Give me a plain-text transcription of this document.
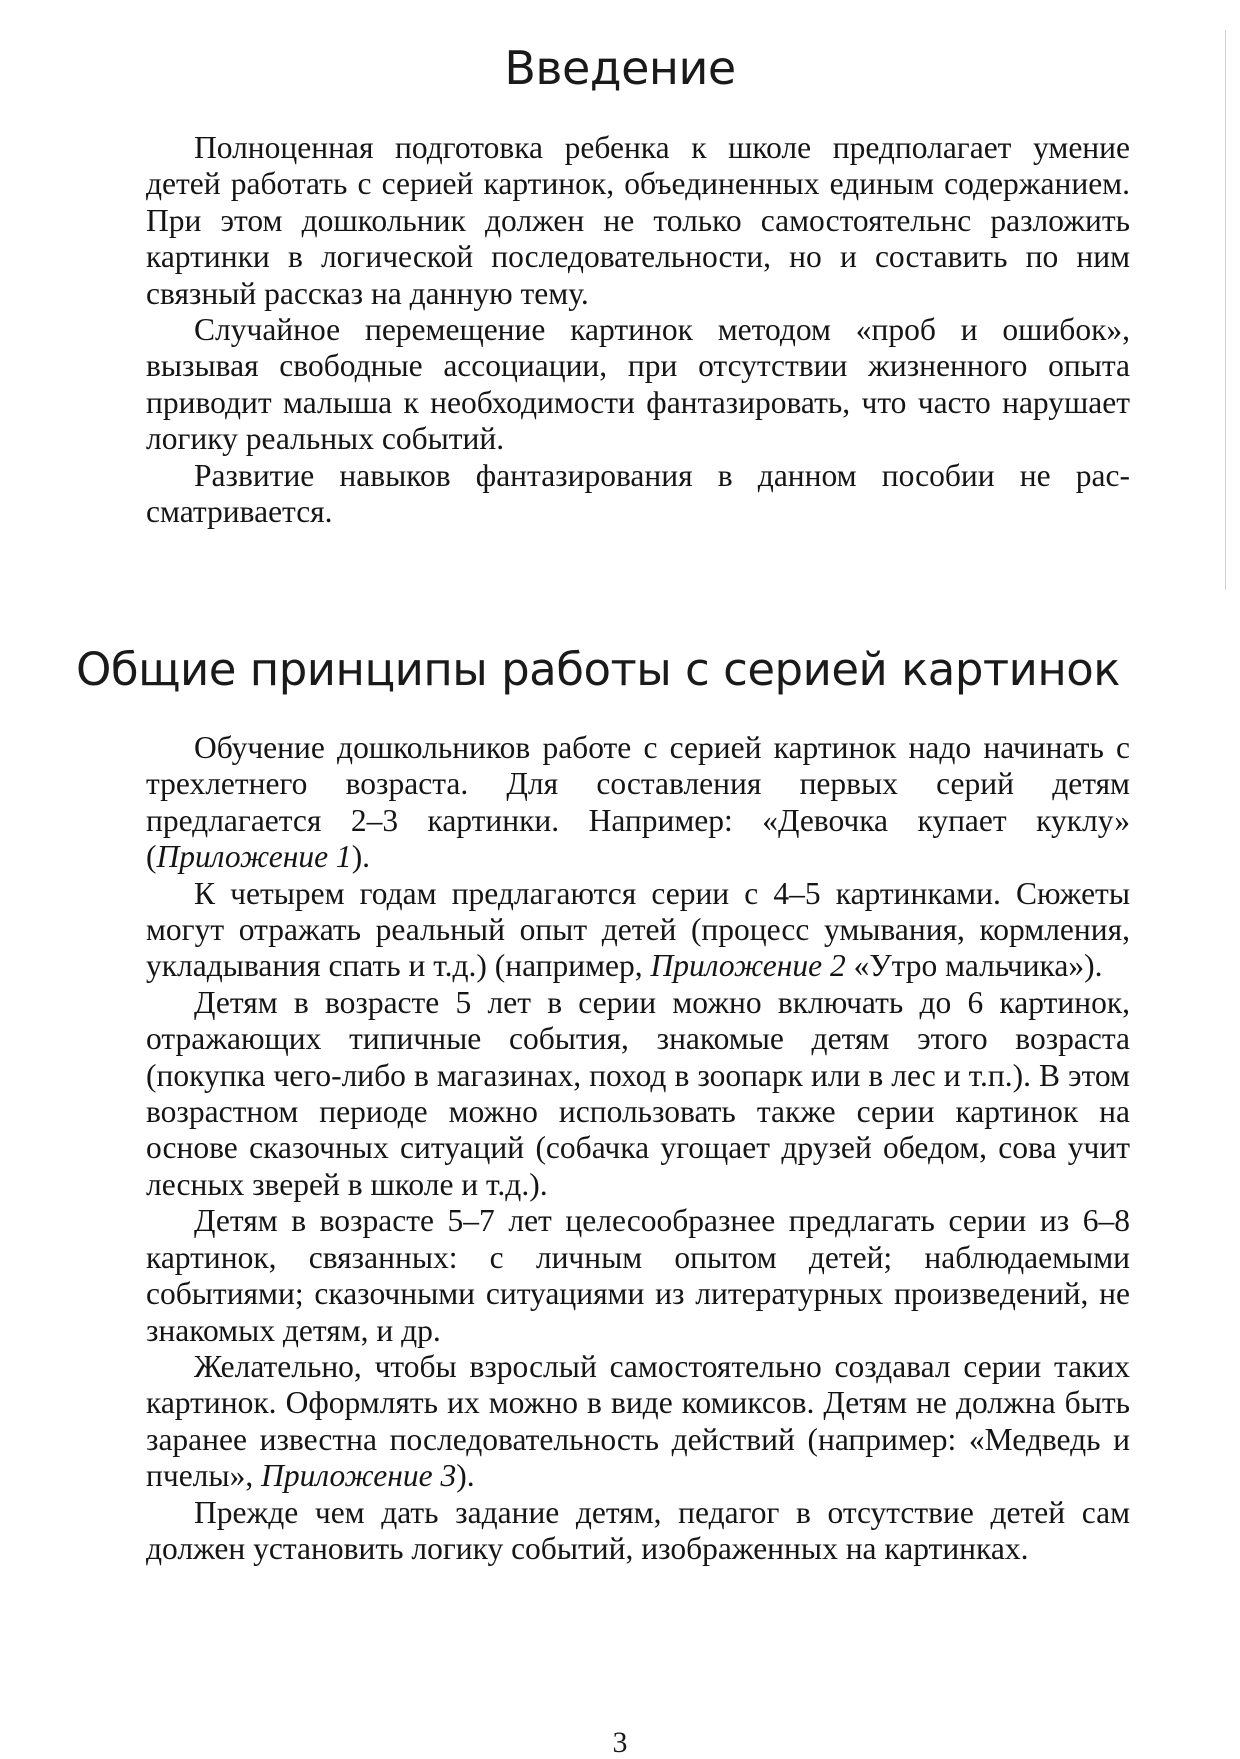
Введение

Полноценная подготовка ребенка к школе предполагает умение детей работать с серией картинок, объединенных единым содержанием. При этом дошкольник должен не только самостоятельнс разложить картинки в логической последовательности, но и составить по ним связный рассказ на данную тему.

Случайное перемещение картинок методом «проб и ошибок», вызывая свободные ассоциации, при отсутствии жизненного опыта приводит малыша к необходимости фантазировать, что часто нарушает логику реальных событий.

Развитие навыков фантазирования в данном пособии не рассматривается.

Общие принципы работы с серией картинок

Обучение дошкольников работе с серией картинок надо начинать с трехлетнего возраста. Для составления первых серий детям предлагается 2–3 картинки. Например: «Девочка купает куклу» (Приложение 1).

К четырем годам предлагаются серии с 4–5 картинками. Сюжеты могут отражать реальный опыт детей (процесс умывания, кормления, укладывания спать и т.д.) (например, Приложение 2 «Утро мальчика»).

Детям в возрасте 5 лет в серии можно включать до 6 картинок, отражающих типичные события, знакомые детям этого возраста (покупка чего-либо в магазинах, поход в зоопарк или в лес и т.п.). В этом возрастном периоде можно использовать также серии картинок на основе сказочных ситуаций (собачка угощает друзей обедом, сова учит лесных зверей в школе и т.д.).

Детям в возрасте 5–7 лет целесообразнее предлагать серии из 6–8 картинок, связанных: с личным опытом детей; наблюдаемыми событиями; сказочными ситуациями из литературных произведений, не знакомых детям, и др.

Желательно, чтобы взрослый самостоятельно создавал серии таких картинок. Оформлять их можно в виде комиксов. Детям не должна быть заранее известна последовательность действий (например: «Медведь и пчелы», Приложение 3).

Прежде чем дать задание детям, педагог в отсутствие детей сам должен установить логику событий, изображенных на картинках.

3
